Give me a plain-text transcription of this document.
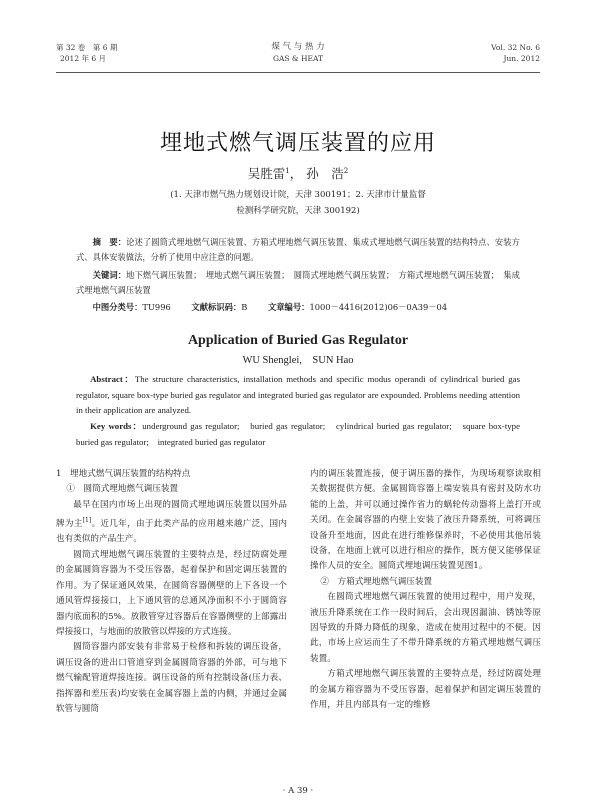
第 32 卷　第 6 期
2012 年 6 月
煤 气 与 热 力
GAS & HEAT
Vol. 32 No. 6
Jun. 2012
埋地式燃气调压装置的应用
吴胜雷$^1$， 孙　浩$^2$
(1. 天津市燃气热力规划设计院，天津 300191；2. 天津市计量监督
检测科学研究院，天津 300192)
摘　要：论述了圆筒式埋地燃气调压装置、方箱式埋地燃气调压装置、集成式埋地燃气调压装置的结构特点、安装方式、具体安装做法，分析了使用中应注意的问题。
关键词：地下燃气调压装置；　埋地式燃气调压装置；　圆筒式埋地燃气调压装置；　方箱式埋地燃气调压装置；　集成式埋地燃气调压装置
中图分类号：TU996 文献标识码：B 文章编号：1000－4416(2012)06－0A39－04
Application of Buried Gas Regulator
WU Shenglei,　SUN Hao
Abstract：The structure characteristics, installation methods and specific modus operandi of cylindrical buried gas regulator, square box-type buried gas regulator and integrated buried gas regulator are expounded. Problems needing attention in their application are analyzed.
Key words：underground gas regulator;　buried gas regulator;　cylindrical buried gas regulator;　square box-type buried gas regulator;　integrated buried gas regulator

1　埋地式燃气调压装置的结构特点

①　圆筒式埋地燃气调压装置

最早在国内市场上出现的圆筒式埋地调压装置以国外品牌为主[1]。近几年，由于此类产品的应用越来越广泛，国内也有类似的产品生产。

圆筒式埋地燃气调压装置的主要特点是，经过防腐处理的金属圆筒容器为不受压容器，起着保护和固定调压装置的作用。为了保证通风效果，在圆筒容器侧壁的上下各设一个通风管焊接接口，上下通风管的总通风净面积不小于圆筒容器内底面积的5%。放散管穿过容器后在容器侧壁的上部露出焊接接口，与地面的放散管以焊接的方式连接。

圆筒容器内部安装有非常易于检修和拆装的调压设备，调压设备的进出口管道穿到金属圆筒容器的外部，可与地下燃气输配管道焊接连接。调压设备的所有控制设备(压力表、指挥器和差压表)均安装在金属容器上盖的内侧，并通过金属软管与圆筒

内的调压装置连接，便于调压器的操作，为现场观察读取相关数据提供方便。金属圆筒容器上端安装具有密封及防水功能的上盖，并可以通过操作省力的蜗轮传动器将上盖打开或关闭。在金属容器的内壁上安装了液压升降系统，可将调压设备升至地面，因此在进行维修保养时，不必使用其他吊装设备，在地面上就可以进行相应的操作，既方便又能够保证操作人员的安全。圆筒式埋地调压装置见图1。

②　方箱式埋地燃气调压装置

在圆筒式埋地燃气调压装置的使用过程中，用户发现，液压升降系统在工作一段时间后，会出现因漏油、锈蚀等原因导致的升降力降低的现象，造成在使用过程中的不便。因此，市场上应运而生了不带升降系统的方箱式埋地燃气调压装置。

方箱式埋地燃气调压装置的主要特点是，经过防腐处理的金属方箱容器为不受压容器，起着保护和固定调压装置的作用，并且内部具有一定的维修

· A 39 ·
